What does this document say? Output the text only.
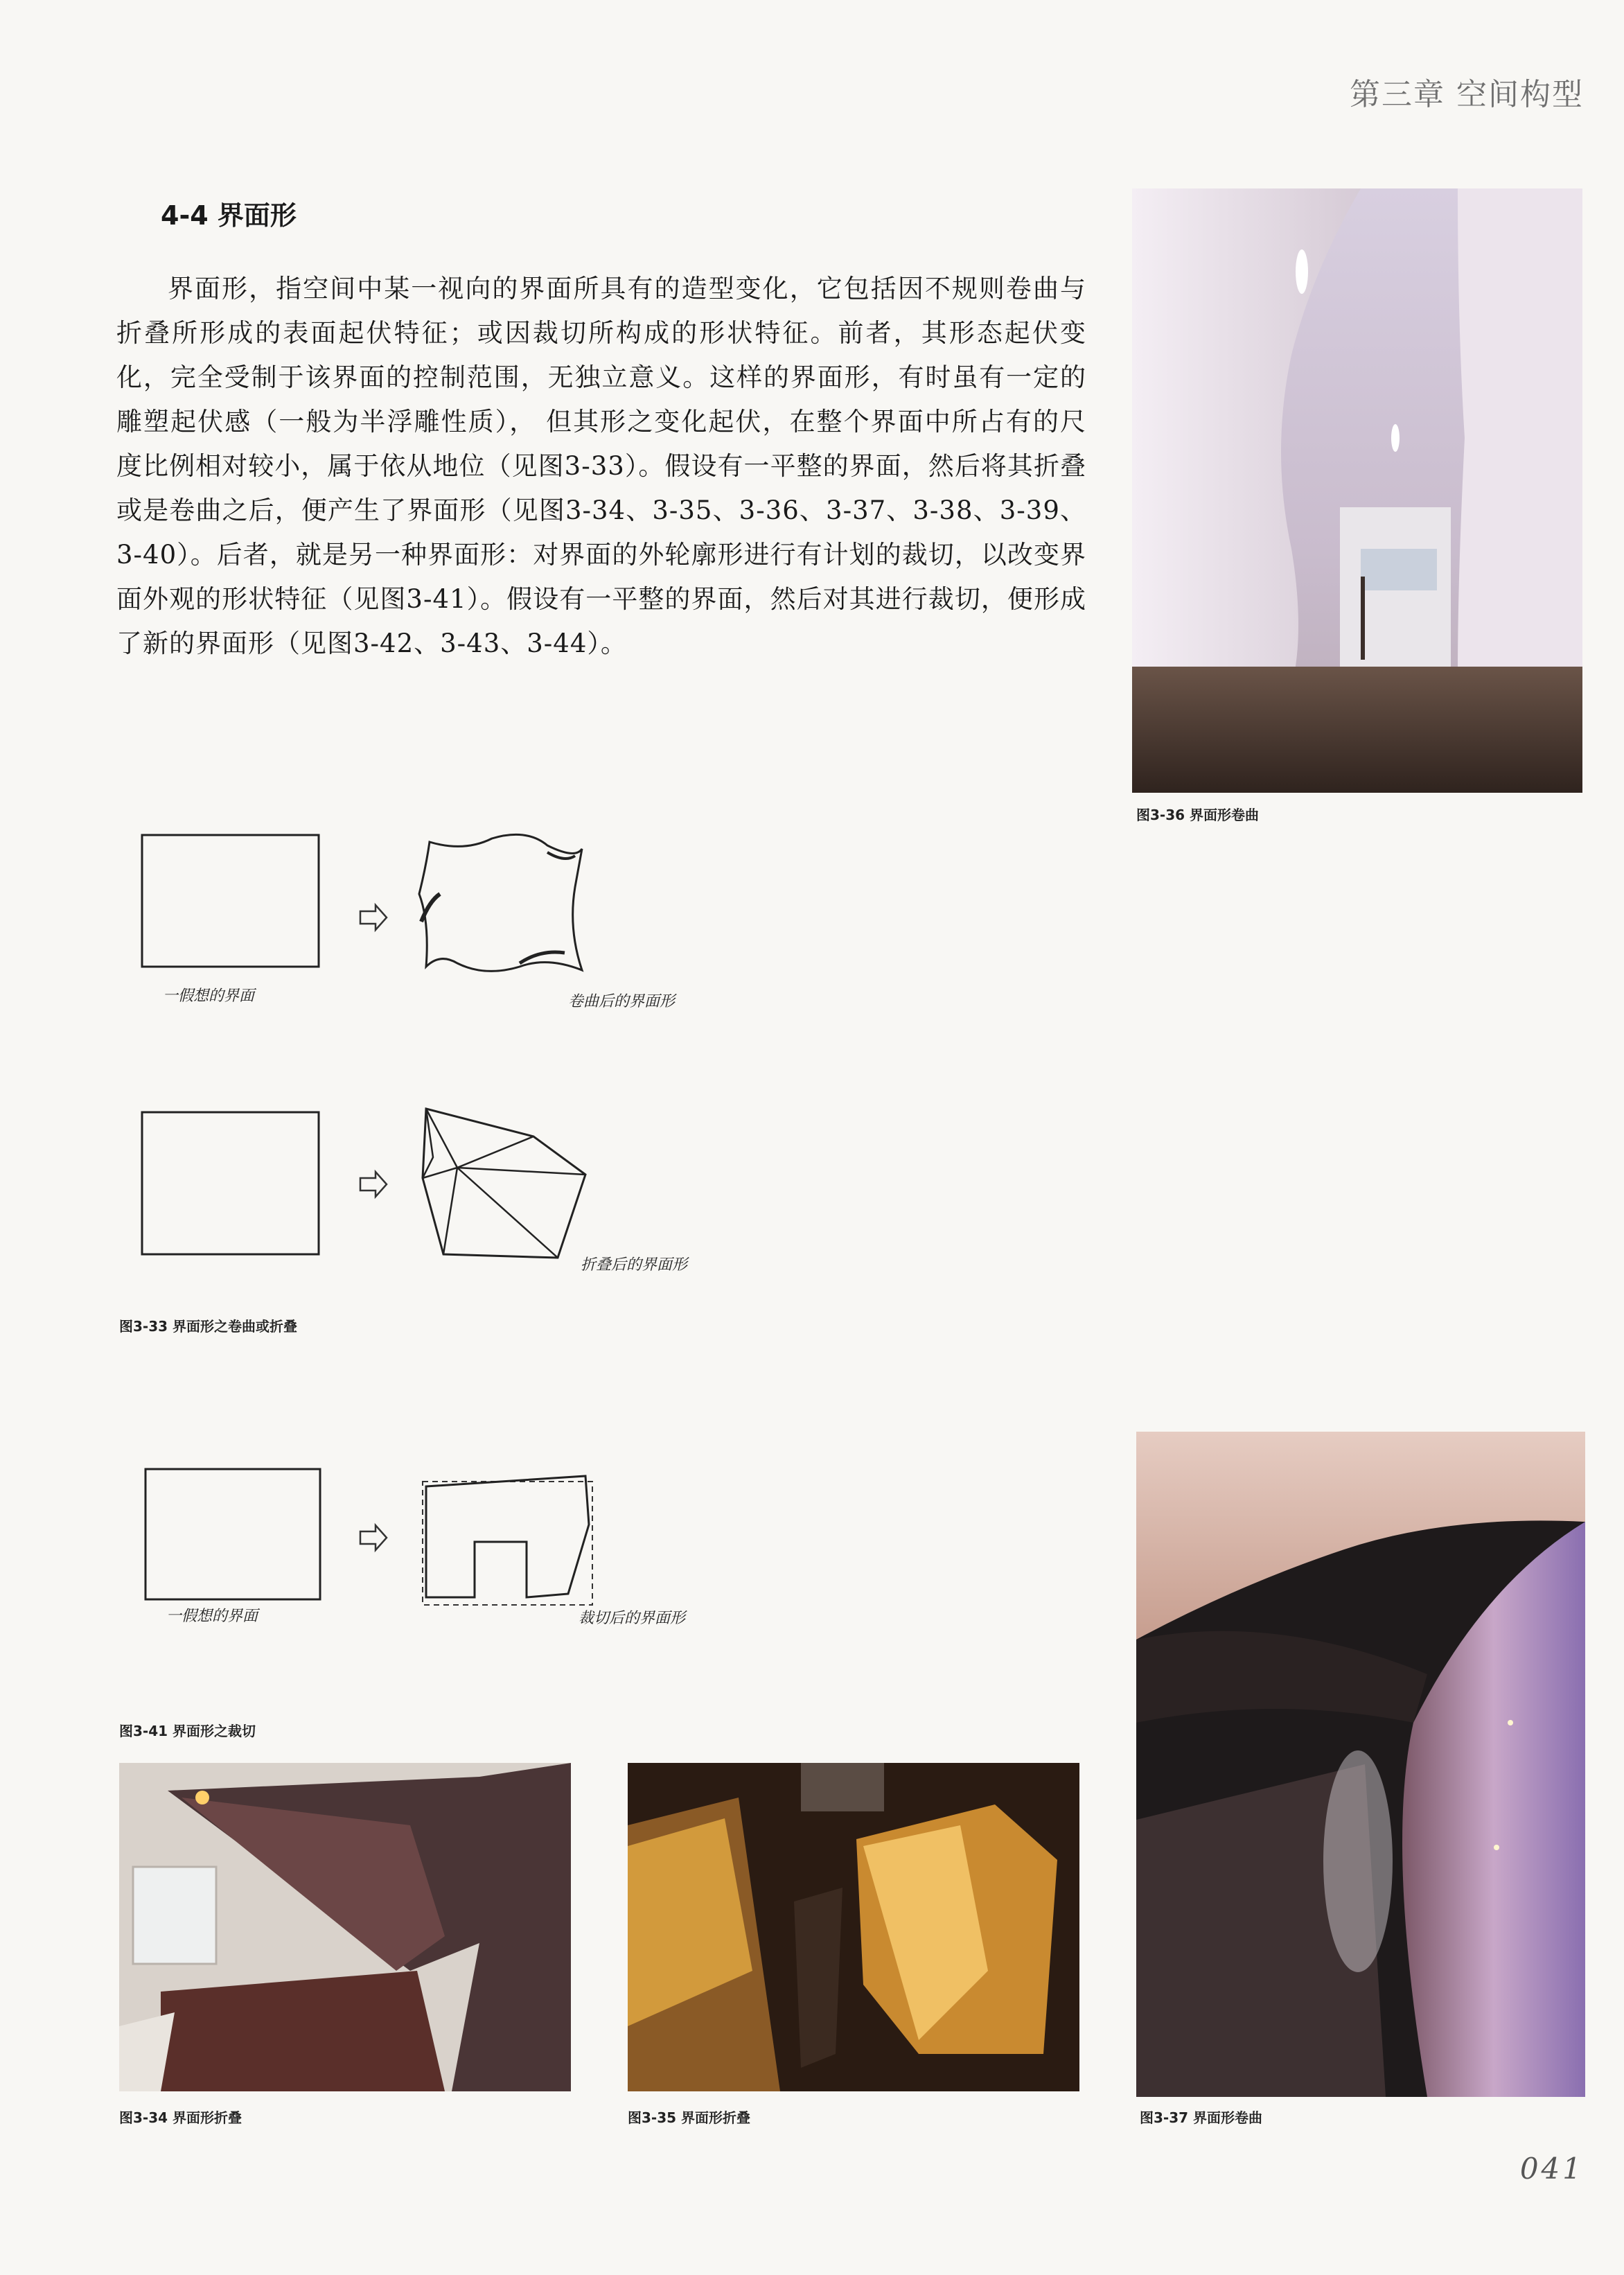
第三章 空间构型
4-4 界面形

界面形，指空间中某一视向的界面所具有的造型变化，它包括因不规则卷曲与折叠所形成的表面起伏特征；或因裁切所构成的形状特征。前者，其形态起伏变化，完全受制于该界面的控制范围，无独立意义。这样的界面形，有时虽有一定的雕塑起伏感（一般为半浮雕性质）， 但其形之变化起伏，在整个界面中所占有的尺度比例相对较小，属于依从地位（见图3-33）。假设有一平整的界面，然后将其折叠或是卷曲之后，便产生了界面形（见图3-34、3-35、3-36、3-37、3-38、3-39、3-40）。后者，就是另一种界面形：对界面的外轮廓形进行有计划的裁切，以改变界面外观的形状特征（见图3-41）。假设有一平整的界面，然后对其进行裁切，便形成了新的界面形（见图3-42、3-43、3-44）。

图3-36 界面形卷曲
一假想的界面	卷曲后的界面形
折叠后的界面形
图3-33 界面形之卷曲或折叠
一假想的界面	裁切后的界面形
图3-41 界面形之裁切
图3-37 界面形卷曲
图3-34 界面形折叠	图3-35 界面形折叠
041
